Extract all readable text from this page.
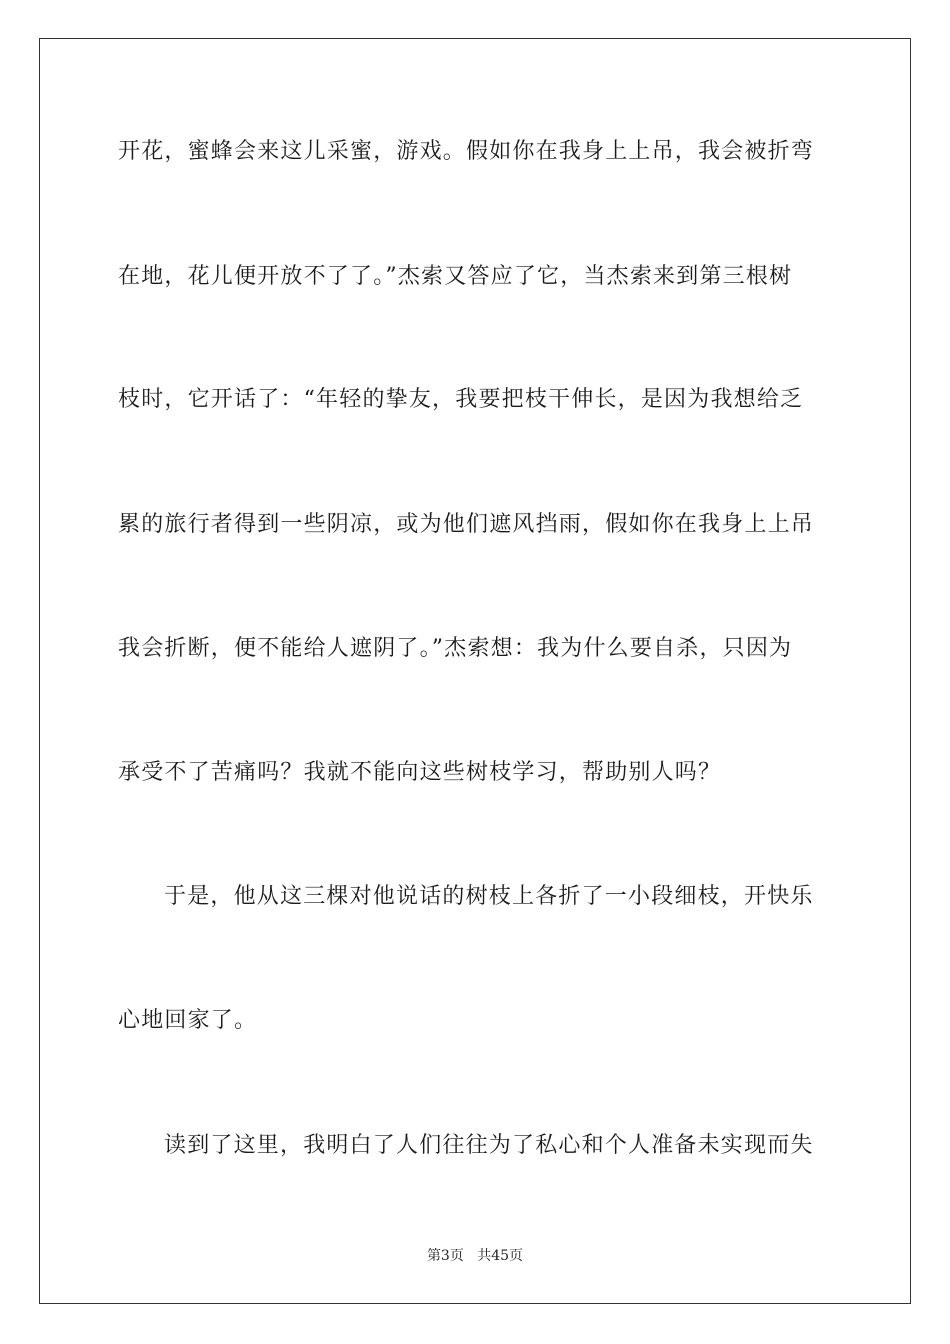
开花，蜜蜂会来这儿采蜜，游戏。假如你在我身上上吊，我会被折弯
在地，花儿便开放不了了。”杰索又答应了它，当杰索来到第三根树
枝时，它开话了：“年轻的挚友，我要把枝干伸长，是因为我想给乏
累的旅行者得到一些阴凉，或为他们遮风挡雨，假如你在我身上上吊
我会折断，便不能给人遮阴了。”杰索想：我为什么要自杀，只因为
承受不了苦痛吗？我就不能向这些树枝学习，帮助别人吗？
于是，他从这三棵对他说话的树枝上各折了一小段细枝，开快乐
心地回家了。
读到了这里，我明白了人们往往为了私心和个人准备未实现而失
第3页 共45页
